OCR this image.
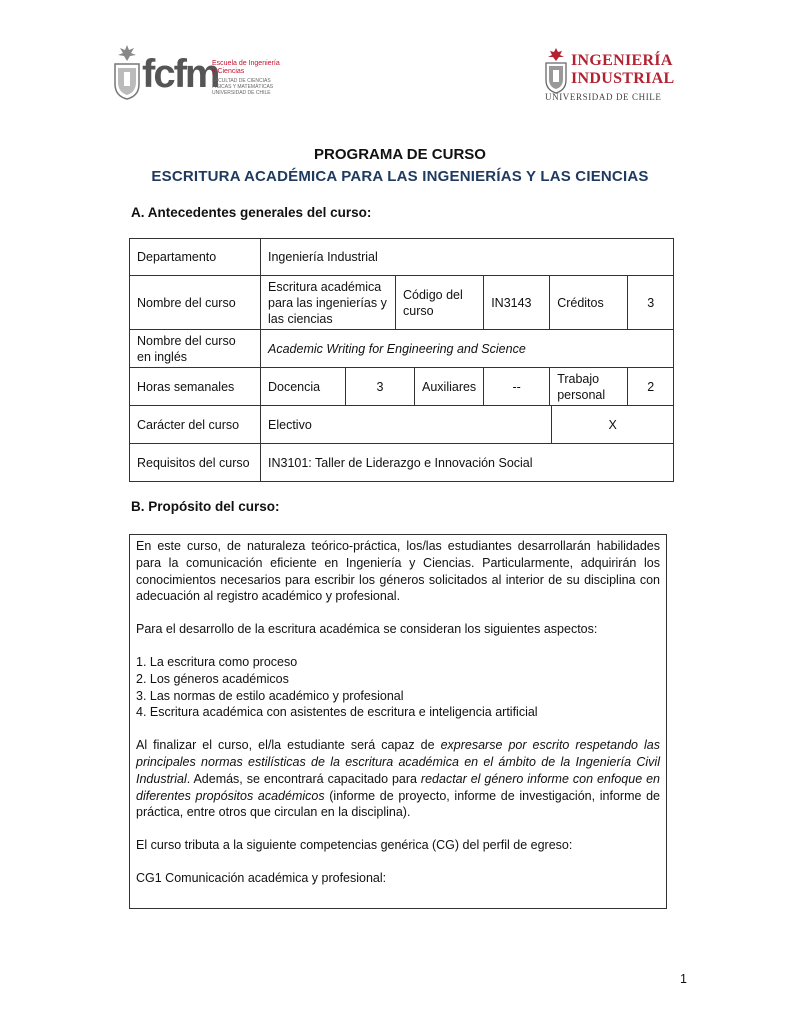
fcfm
Escuela de Ingeniería
y Ciencias
FACULTAD DE CIENCIAS
FÍSICAS Y MATEMÁTICAS
UNIVERSIDAD DE CHILE
INGENIERÍA
INDUSTRIAL
UNIVERSIDAD DE CHILE
PROGRAMA DE CURSO
ESCRITURA ACADÉMICA PARA LAS INGENIERÍAS Y LAS CIENCIAS
A. Antecedentes generales del curso:
Departamento	Ingeniería Industrial							
Nombre del curso	Escritura académica para las ingenierías y las ciencias		Código del curso		IN3143	Créditos		3
Nombre del curso en inglés	Academic Writing for Engineering and Science							
Horas semanales	Docencia	3		Auxiliares	--	Trabajo personal		2
Carácter del curso	Electivo						X	
Requisitos del curso	IN3101: Taller de Liderazgo e Innovación Social							
B. Propósito del curso:

En este curso, de naturaleza teórico-práctica, los/las estudiantes desarrollarán habilidades para la comunicación eficiente en Ingeniería y Ciencias. Particularmente, adquirirán los conocimientos necesarios para escribir los géneros solicitados al interior de su disciplina con adecuación al registro académico y profesional.

Para el desarrollo de la escritura académica se consideran los siguientes aspectos:

1. La escritura como proceso
2. Los géneros académicos
3. Las normas de estilo académico y profesional
4. Escritura académica con asistentes de escritura e inteligencia artificial

Al finalizar el curso, el/la estudiante será capaz de expresarse por escrito respetando las principales normas estilísticas de la escritura académica en el ámbito de la Ingeniería Civil Industrial. Además, se encontrará capacitado para redactar el género informe con enfoque en diferentes propósitos académicos (informe de proyecto, informe de investigación, informe de práctica, entre otros que circulan en la disciplina).

El curso tributa a la siguiente competencias genérica (CG) del perfil de egreso:

CG1 Comunicación académica y profesional:

1
